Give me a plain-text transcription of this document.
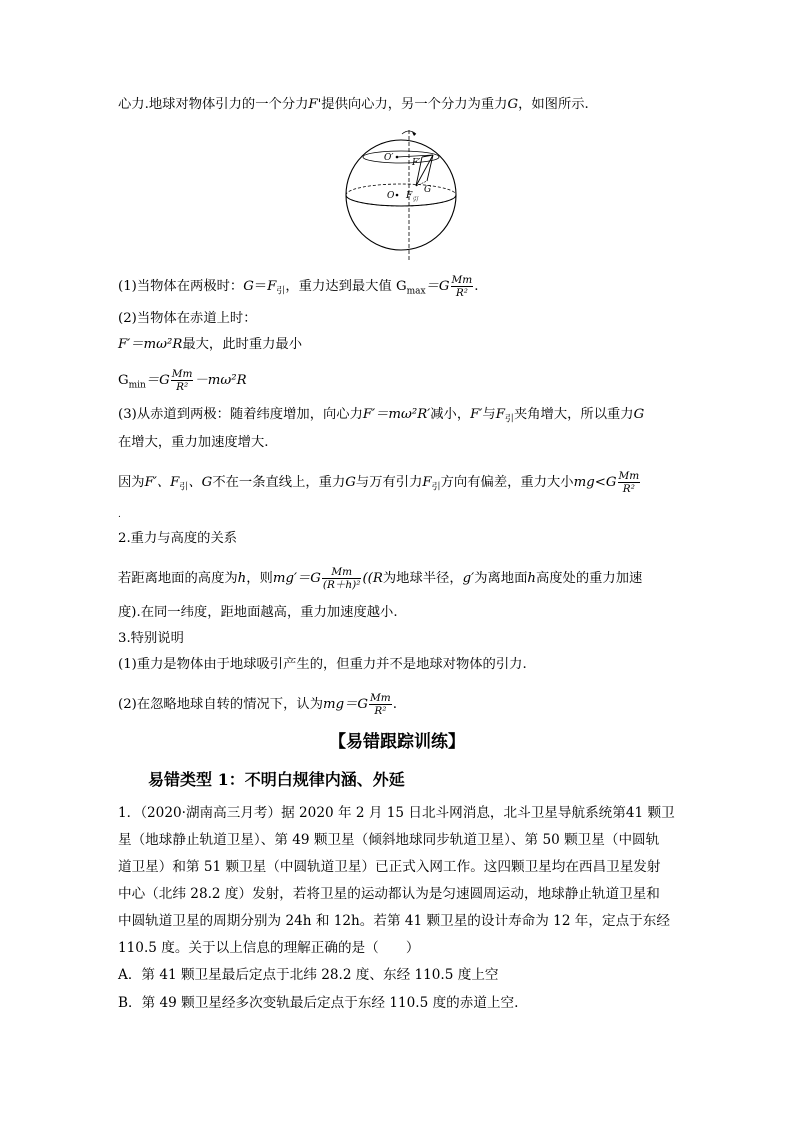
心力.地球对物体引力的一个分力F'提供向心力，另一个分力为重力G，如图所示.
O′
O
F′
G
F 引
(1)当物体在两极时：$G=F_引$，重力达到最大值 $G_{max}=G \frac{Mm}{\text{R²}}$ .
(2)当物体在赤道上时：
F′＝mω²R最大，此时重力最小
$G_{min}=G \frac{Mm}{\text{R²}} -m\omega^2R$
(3)从赤道到两极：随着纬度增加，向心力F′＝mω²R′减小，F′与$F_引$夹角增大，所以重力G
在增大，重力加速度增大.
因为F′、$F_引$、G不在一条直线上，重力G与万有引力$F_引$方向有偏差，重力大小$mg<G \frac{Mm}{\text{R²}}$
.
2.重力与高度的关系
若距离地面的高度为h，则$mg'=G \frac{Mm}{\text{(R＋h)²}} ((R$为地球半径，g′为离地面h高度处的重力加速
度).在同一纬度，距地面越高，重力加速度越小.
3.特别说明
(1)重力是物体由于地球吸引产生的，但重力并不是地球对物体的引力.
(2)在忽略地球自转的情况下，认为$mg=G \frac{Mm}{\text{R²}}$ .
【易错跟踪训练】
易错类型 1：不明白规律内涵、外延
1．（2020·湖南高三月考）据 2020 年 2 月 15 日北斗网消息，北斗卫星导航系统第41 颗卫
星（地球静止轨道卫星）、第 49 颗卫星（倾斜地球同步轨道卫星）、第 50 颗卫星（中圆轨
道卫星）和第 51 颗卫星（中圆轨道卫星）已正式入网工作。这四颗卫星均在西昌卫星发射
中心（北纬 28.2 度）发射，若将卫星的运动都认为是匀速圆周运动，地球静止轨道卫星和
中圆轨道卫星的周期分别为 24h 和 12h。若第 41 颗卫星的设计寿命为 12 年，定点于东经
110.5 度。关于以上信息的理解正确的是（　　）
A．第 41 颗卫星最后定点于北纬 28.2 度、东经 110.5 度上空
B．第 49 颗卫星经多次变轨最后定点于东经 110.5 度的赤道上空.
